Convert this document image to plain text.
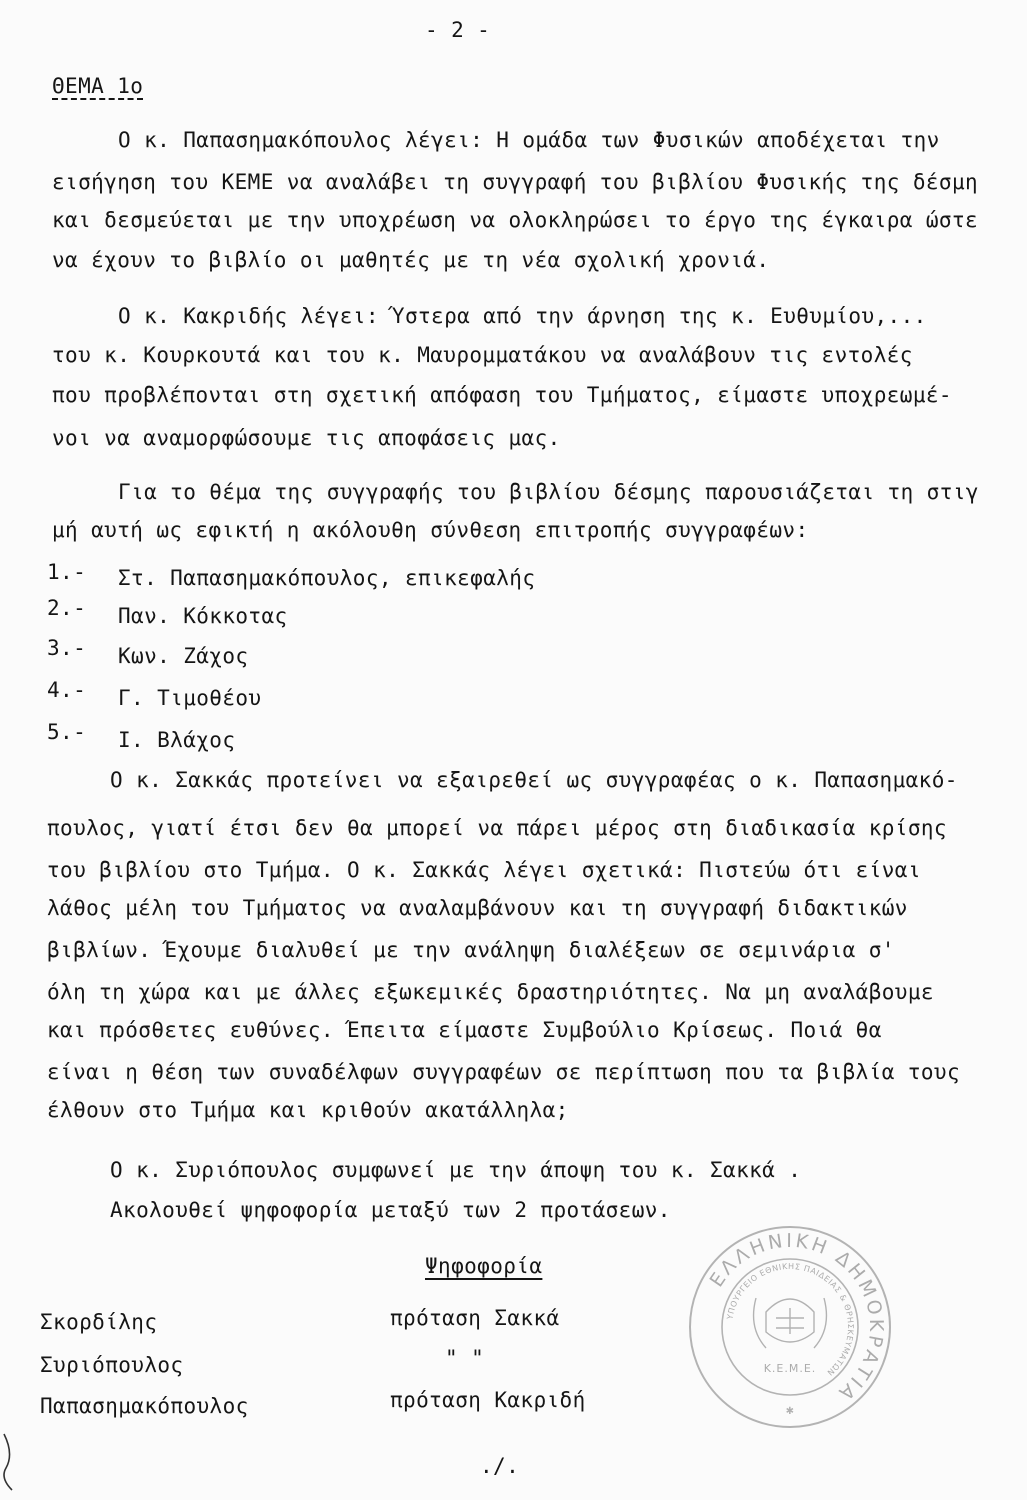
- 2 -
ΘΕΜΑ 1ο
Ο κ. Παπασημακόπουλος λέγει: Η ομάδα των Φυσικών αποδέχεται την
εισήγηση του ΚΕΜΕ να αναλάβει τη συγγραφή του βιβλίου Φυσικής της δέσμη
και δεσμεύεται με την υποχρέωση να ολοκληρώσει το έργο της έγκαιρα ώστε
να έχουν το βιβλίο οι μαθητές με τη νέα σχολική χρονιά.
Ο κ. Κακριδής λέγει: Ύστερα από την άρνηση της κ. Ευθυμίου,...
του κ. Κουρκουτά και του κ. Μαυρομματάκου να αναλάβουν τις εντολές
που προβλέπονται στη σχετική απόφαση του Τμήματος, είμαστε υποχρεωμέ-
νοι να αναμορφώσουμε τις αποφάσεις μας.
Για το θέμα της συγγραφής του βιβλίου δέσμης παρουσιάζεται τη στιγ
μή αυτή ως εφικτή η ακόλουθη σύνθεση επιτροπής συγγραφέων:
1.- Στ. Παπασημακόπουλος, επικεφαλής
2.- Παν. Κόκκοτας
3.- Κων. Ζάχος
4.- Γ. Τιμοθέου
5.- Ι. Βλάχος
Ο κ. Σακκάς προτείνει να εξαιρεθεί ως συγγραφέας ο κ. Παπασημακό-
πουλος, γιατί έτσι δεν θα μπορεί να πάρει μέρος στη διαδικασία κρίσης
του βιβλίου στο Τμήμα. Ο κ. Σακκάς λέγει σχετικά: Πιστεύω ότι είναι
λάθος μέλη του Τμήματος να αναλαμβάνουν και τη συγγραφή διδακτικών
βιβλίων. Έχουμε διαλυθεί με την ανάληψη διαλέξεων σε σεμινάρια σ'
όλη τη χώρα και με άλλες εξωκεμικές δραστηριότητες. Να μη αναλάβουμε
και πρόσθετες ευθύνες. Έπειτα είμαστε Συμβούλιο Κρίσεως. Ποιά θα
είναι η θέση των συναδέλφων συγγραφέων σε περίπτωση που τα βιβλία τους
έλθουν στο Τμήμα και κριθούν ακατάλληλα;
Ο κ. Συριόπουλος συμφωνεί με την άποψη του κ. Σακκά .
Ακολουθεί ψηφοφορία μεταξύ των 2 προτάσεων.
Ψηφοφορία
Σκορδίλης	πρόταση Σακκά
Συριόπουλος	" "
Παπασημακόπουλος	πρόταση Κακριδή
./.
ΕΛΛΗΝΙΚΗ ΔΗΜΟΚΡΑΤΙΑ
ΥΠΟΥΡΓΕΙΟ ΕΘΝΙΚΗΣ ΠΑΙΔΕΙΑΣ & ΘΡΗΣΚΕΥΜΑΤΩΝ
Κ.Ε.Μ.Ε.
✱
